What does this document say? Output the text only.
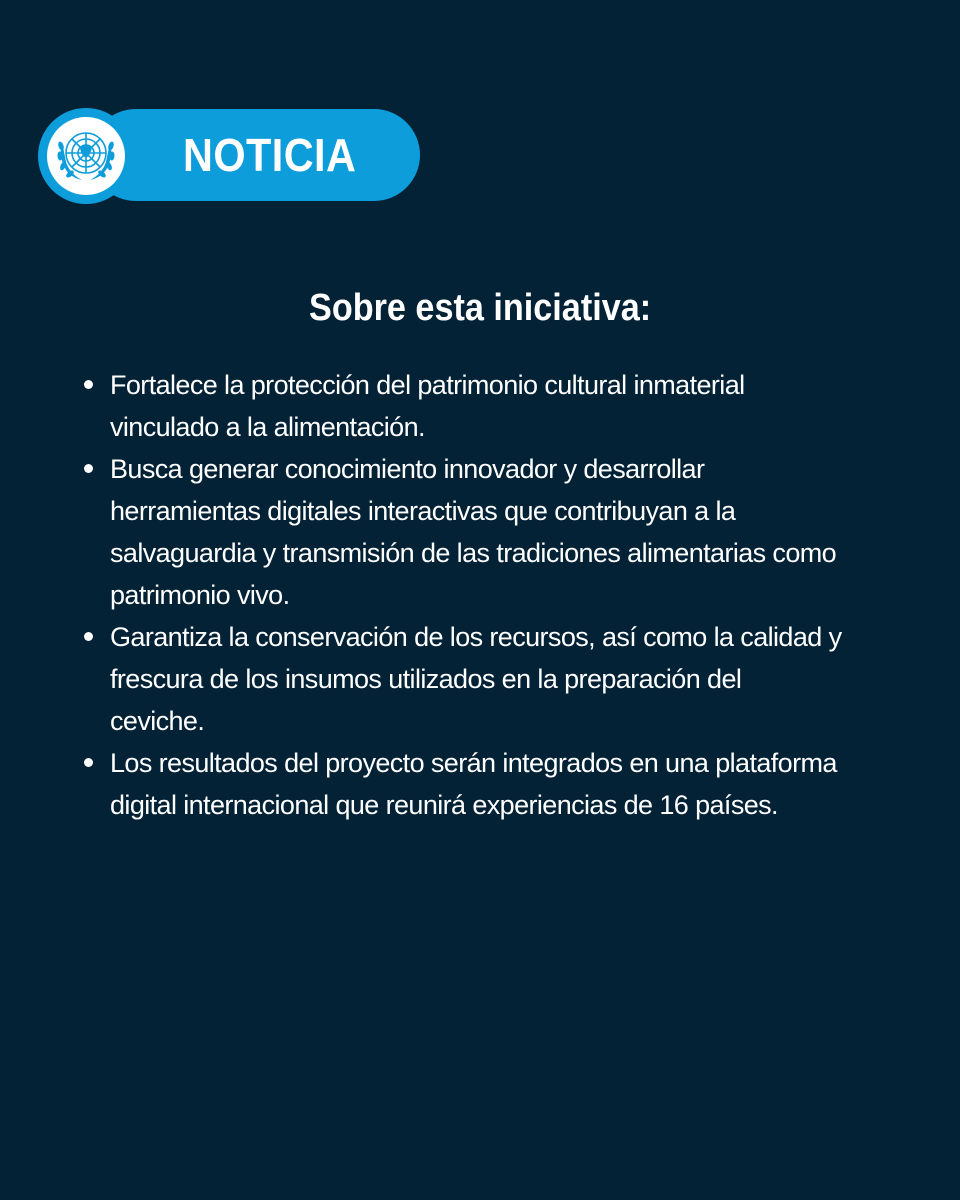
NOTICIA
Sobre esta iniciativa:
Fortalece la protección del patrimonio cultural inmaterial
vinculado a la alimentación.
Busca generar conocimiento innovador y desarrollar
herramientas digitales interactivas que contribuyan a la
salvaguardia y transmisión de las tradiciones alimentarias como
patrimonio vivo.
Garantiza la conservación de los recursos, así como la calidad y
frescura de los insumos utilizados en la preparación del
ceviche.
Los resultados del proyecto serán integrados en una plataforma
digital internacional que reunirá experiencias de 16 países.
